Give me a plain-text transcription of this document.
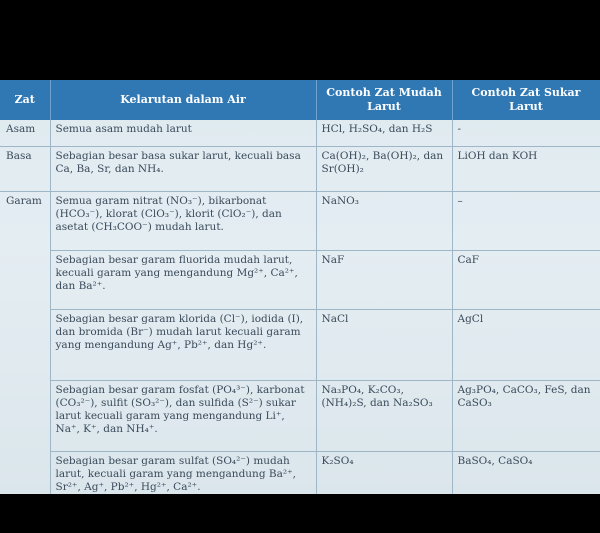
Zat	Kelarutan dalam Air	Contoh Zat Mudah Larut	Contoh Zat Sukar Larut
Asam	Semua asam mudah larut	HCl, H₂SO₄, dan H₂S	-
Basa	Sebagian besar basa sukar larut, kecuali basa Ca, Ba, Sr, dan NH₄.	Ca(OH)₂, Ba(OH)₂, dan Sr(OH)₂	LiOH dan KOH
Garam	Semua garam nitrat (NO₃⁻), bikarbonat (HCO₃⁻), klorat (ClO₃⁻), klorit (ClO₂⁻), dan asetat (CH₃COO⁻) mudah larut.	NaNO₃	–
	Sebagian besar garam fluorida mudah larut, kecuali garam yang mengandung Mg²⁺, Ca²⁺, dan Ba²⁺.	NaF	CaF
	Sebagian besar garam klorida (Cl⁻), iodida (I), dan bromida (Br⁻) mudah larut kecuali garam yang mengandung Ag⁺, Pb²⁺, dan Hg²⁺.	NaCl	AgCl
	Sebagian besar garam fosfat (PO₄³⁻), karbonat (CO₃²⁻), sulfit (SO₃²⁻), dan sulfida (S²⁻) sukar larut kecuali garam yang mengandung Li⁺, Na⁺, K⁺, dan NH₄⁺.	Na₃PO₄, K₂CO₃, (NH₄)₂S, dan Na₂SO₃	Ag₃PO₄, CaCO₃, FeS, dan CaSO₃
	Sebagian besar garam sulfat (SO₄²⁻) mudah larut, kecuali garam yang mengandung Ba²⁺, Sr²⁺, Ag⁺, Pb²⁺, Hg²⁺, Ca²⁺.	K₂SO₄	BaSO₄, CaSO₄
